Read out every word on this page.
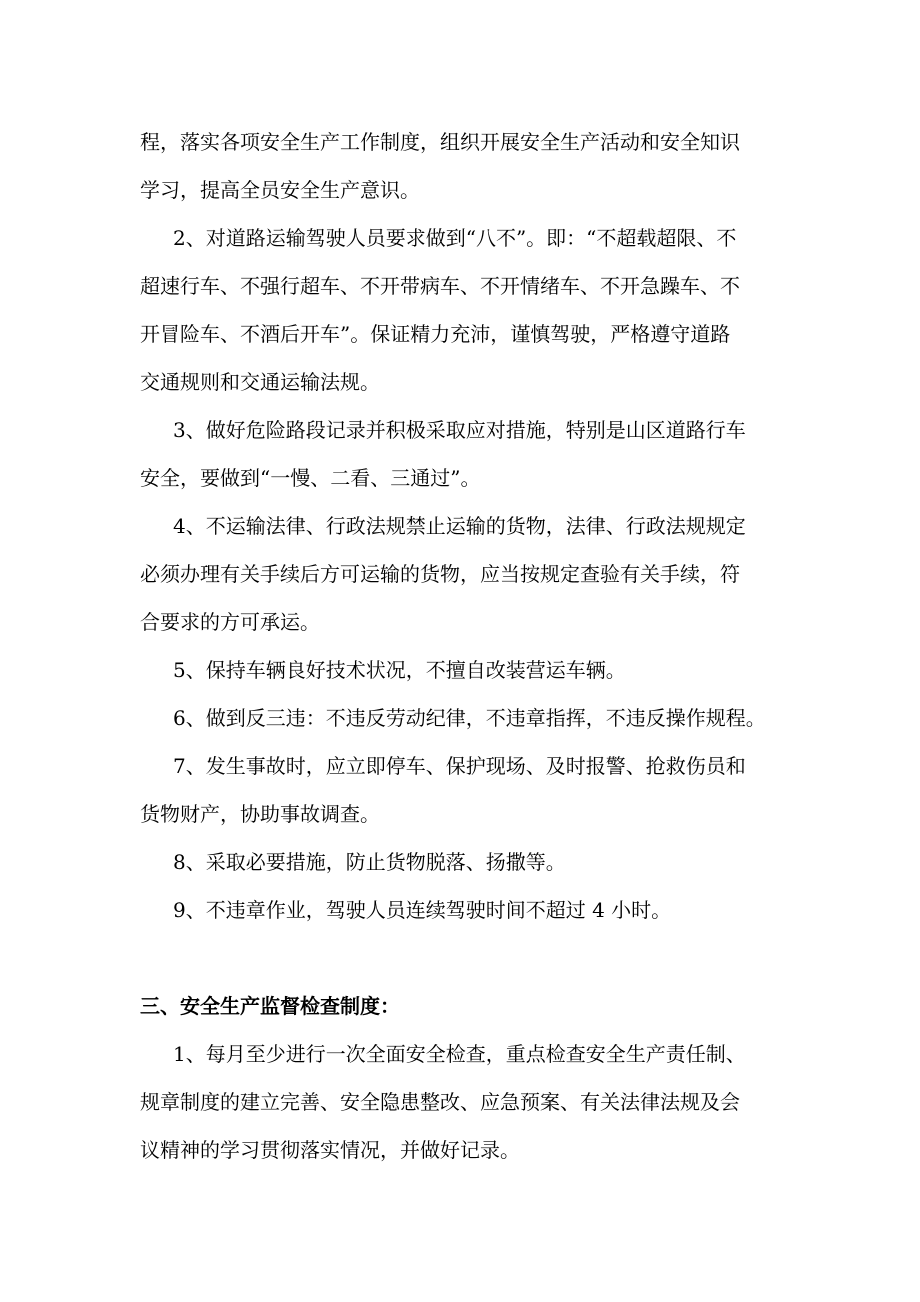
程，落实各项安全生产工作制度，组织开展安全生产活动和安全知识
学习，提高全员安全生产意识。
2、对道路运输驾驶人员要求做到“八不”。即：“不超载超限、不
超速行车、不强行超车、不开带病车、不开情绪车、不开急躁车、不
开冒险车、不酒后开车”。保证精力充沛，谨慎驾驶，严格遵守道路
交通规则和交通运输法规。
3、做好危险路段记录并积极采取应对措施，特别是山区道路行车
安全，要做到“一慢、二看、三通过”。
4、不运输法律、行政法规禁止运输的货物，法律、行政法规规定
必须办理有关手续后方可运输的货物，应当按规定查验有关手续，符
合要求的方可承运。
5、保持车辆良好技术状况，不擅自改装营运车辆。
6、做到反三违：不违反劳动纪律，不违章指挥，不违反操作规程。
7、发生事故时，应立即停车、保护现场、及时报警、抢救伤员和
货物财产，协助事故调查。
8、采取必要措施，防止货物脱落、扬撒等。
9、不违章作业，驾驶人员连续驾驶时间不超过 4 小时。
三、安全生产监督检查制度：
1、每月至少进行一次全面安全检查，重点检查安全生产责任制、
规章制度的建立完善、安全隐患整改、应急预案、有关法律法规及会
议精神的学习贯彻落实情况，并做好记录。
